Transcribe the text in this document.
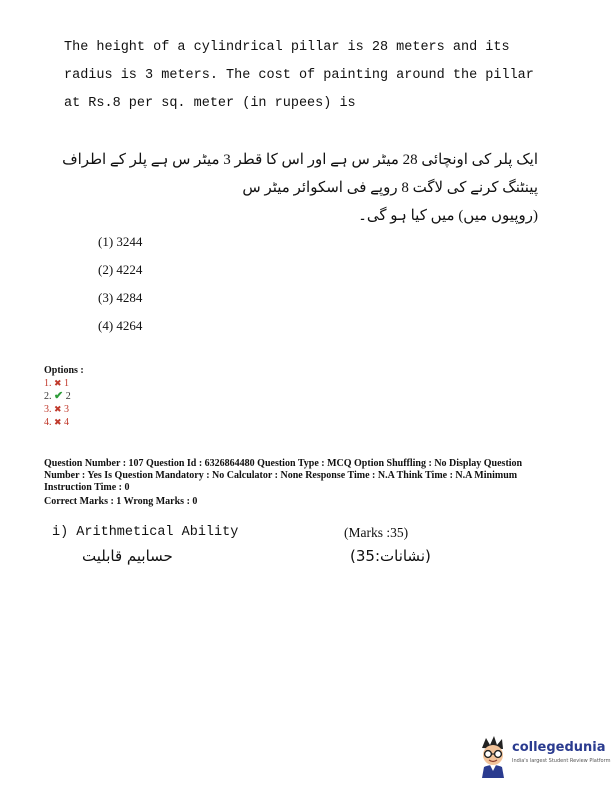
The height of a cylindrical pillar is 28 meters and its radius is 3 meters. The cost of painting around the pillar at Rs.8 per sq. meter (in rupees) is
ایک پلر کی اونچائی 28 میٹر س ہے اور اس کا قطر 3 میٹر س ہے پلر کے اطراف پینٹنگ کرنے کی لاگت 8 روپے فی اسکوائر میٹر س
(روپیوں میں) میں کیا ہو گی۔
(1) 3244
(2) 4224
(3) 4284
(4) 4264
Options :
1. ✖ 1
2. ✔ 2
3. ✖ 3
4. ✖ 4
Question Number : 107 Question Id : 6326864480 Question Type : MCQ Option Shuffling : No Display Question Number : Yes Is Question Mandatory : No Calculator : None Response Time : N.A Think Time : N.A Minimum Instruction Time : 0
Correct Marks : 1 Wrong Marks : 0
i) Arithmetical Ability	(Marks :35)
حسابیم قابلیت	(35:نشانات)
collegedunia
India's largest Student Review Platform
